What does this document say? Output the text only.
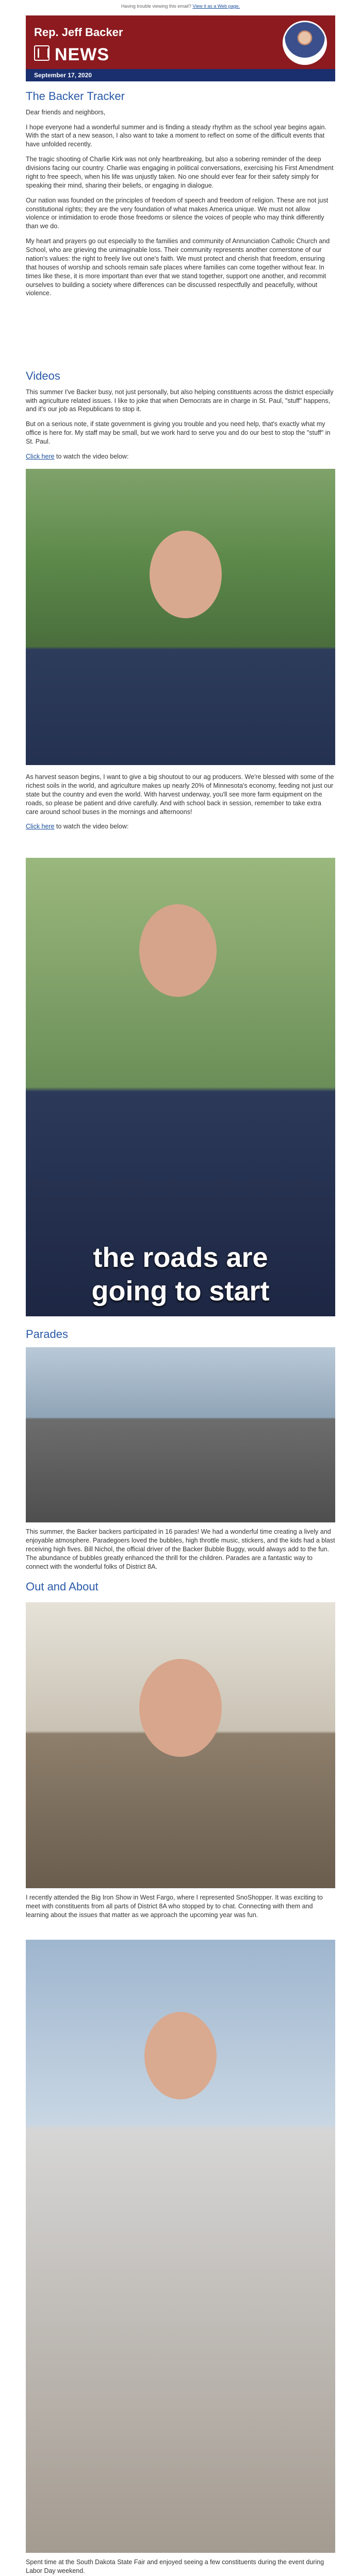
Having trouble viewing this email? View it as a Web page.
Rep. Jeff Backer
NEWS
September 17, 2020
The Backer Tracker
Dear friends and neighbors,
I hope everyone had a wonderful summer and is finding a steady rhythm as the school year begins again. With the start of a new season, I also want to take a moment to reflect on some of the difficult events that have unfolded recently.
The tragic shooting of Charlie Kirk was not only heartbreaking, but also a sobering reminder of the deep divisions facing our country. Charlie was engaging in political conversations, exercising his First Amendment right to free speech, when his life was unjustly taken. No one should ever fear for their safety simply for speaking their mind, sharing their beliefs, or engaging in dialogue.
Our nation was founded on the principles of freedom of speech and freedom of religion. These are not just constitutional rights; they are the very foundation of what makes America unique. We must not allow violence or intimidation to erode those freedoms or silence the voices of people who may think differently than we do.
My heart and prayers go out especially to the families and community of Annunciation Catholic Church and School, who are grieving the unimaginable loss. Their community represents another cornerstone of our nation's values: the right to freely live out one's faith. We must protect and cherish that freedom, ensuring that houses of worship and schools remain safe places where families can come together without fear. In times like these, it is more important than ever that we stand together, support one another, and recommit ourselves to building a society where differences can be discussed respectfully and peacefully, without violence.
Videos
This summer I've Backer busy, not just personally, but also helping constituents across the district especially with agriculture related issues. I like to joke that when Democrats are in charge in St. Paul, "stuff" happens, and it's our job as Republicans to stop it.
But on a serious note, if state government is giving you trouble and you need help, that's exactly what my office is here for. My staff may be small, but we work hard to serve you and do our best to stop the "stuff" in St. Paul.
Click here to watch the video below:
As harvest season begins, I want to give a big shoutout to our ag producers. We're blessed with some of the richest soils in the world, and agriculture makes up nearly 20% of Minnesota's economy, feeding not just our state but the country and even the world. With harvest underway, you'll see more farm equipment on the roads, so please be patient and drive carefully. And with school back in session, remember to take extra care around school buses in the mornings and afternoons!
Click here to watch the video below:
the roads are
going to start
Parades
This summer, the Backer backers participated in 16 parades! We had a wonderful time creating a lively and enjoyable atmosphere. Paradegoers loved the bubbles, high throttle music, stickers, and the kids had a blast receiving high fives. Bill Nichol, the official driver of the Backer Bubble Buggy, would always add to the fun. The abundance of bubbles greatly enhanced the thrill for the children. Parades are a fantastic way to connect with the wonderful folks of District 8A.
Out and About
I recently attended the Big Iron Show in West Fargo, where I represented SnoShopper. It was exciting to meet with constituents from all parts of District 8A who stopped by to chat. Connecting with them and learning about the issues that matter as we approach the upcoming year was fun.
Spent time at the South Dakota State Fair and enjoyed seeing a few constituents during the event during Labor Day weekend.
